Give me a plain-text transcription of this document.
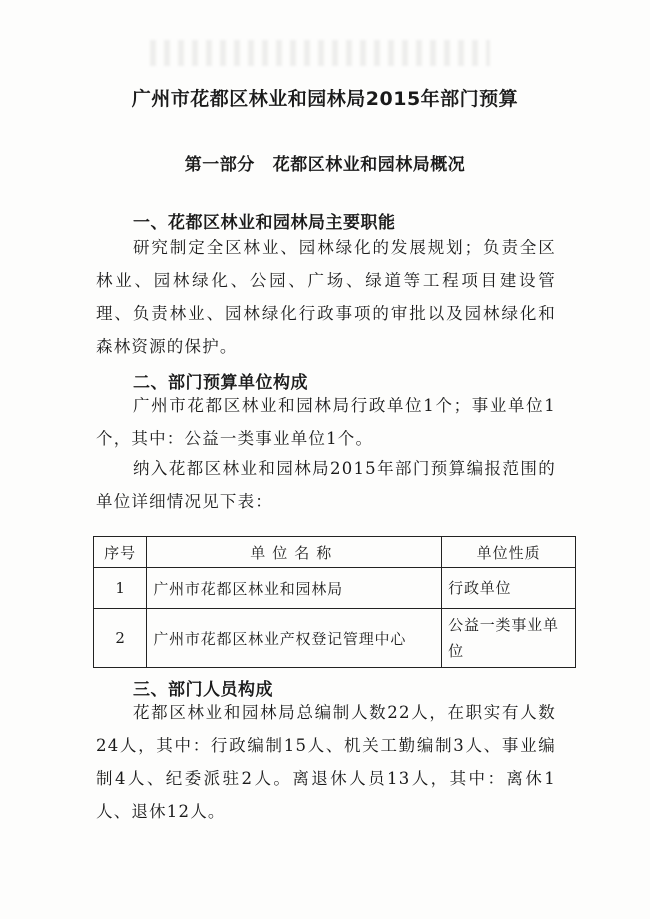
广州市花都区林业和园林局2015年部门预算
第一部分 花都区林业和园林局概况
一、花都区林业和园林局主要职能
研究制定全区林业、园林绿化的发展规划；负责全区林业、园林绿化、公园、广场、绿道等工程项目建设管理、负责林业、园林绿化行政事项的审批以及园林绿化和森林资源的保护。
二、部门预算单位构成
广州市花都区林业和园林局行政单位1个；事业单位1个，其中：公益一类事业单位1个。
纳入花都区林业和园林局2015年部门预算编报范围的单位详细情况见下表：
序号	单位名称	单位性质
1	广州市花都区林业和园林局	行政单位
2	广州市花都区林业产权登记管理中心	公益一类事业单位
三、部门人员构成
花都区林业和园林局总编制人数22人，在职实有人数24人，其中：行政编制15人、机关工勤编制3人、事业编制4人、纪委派驻2人。离退休人员13人，其中：离休1人、退休12人。
